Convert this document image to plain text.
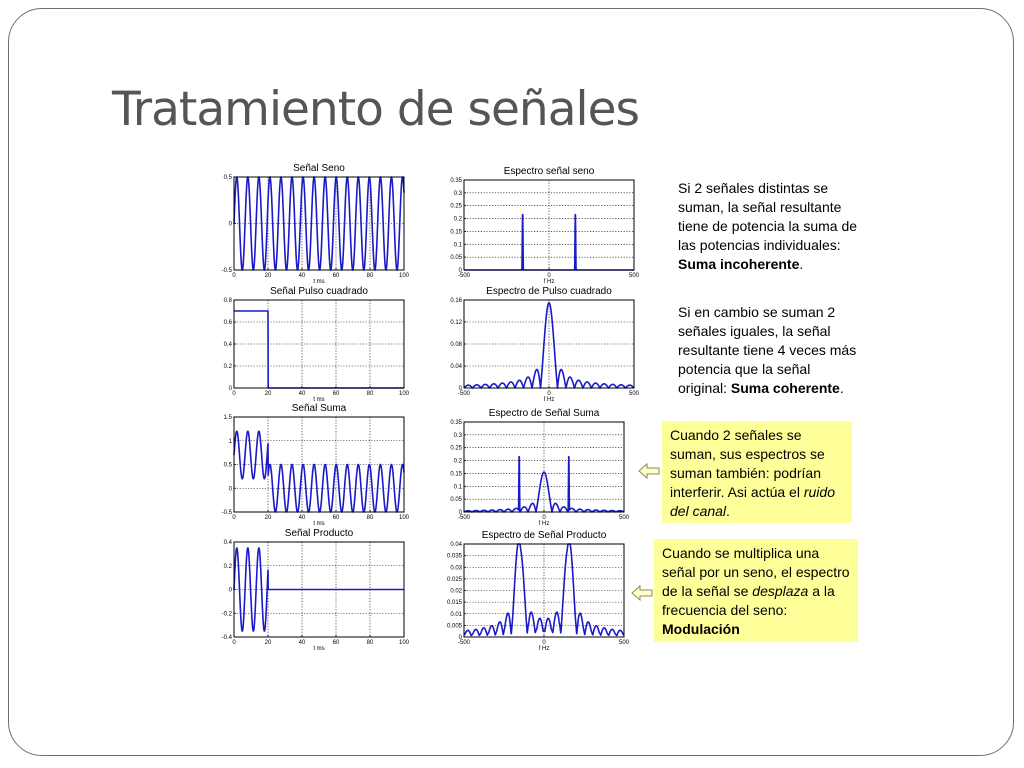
Tratamiento de señales
Señal Seno
0	20	40	60	80	100
-0.5
0
0.5
t ms
Señal Pulso cuadrado
0	20	40	60	80	100
0
0.2
0.4
0.6
0.8
t ms
Señal Suma
0	20	40	60	80	100
-0.5
0
0.5
1
1.5
t ms
Señal Producto
0	20	40	60	80	100
-0.4
-0.2
0
0.2
0.4
t ms
Espectro señal seno
-500	0	500
0
0.05
0.1
0.15
0.2
0.25
0.3
0.35
f Hz
Espectro de Pulso cuadrado
-500	0	500
0
0.04
0.08
0.12
0.16
f Hz
Espectro de Señal Suma
-500	0	500
0
0.05
0.1
0.15
0.2
0.25
0.3
0.35
f Hz
Espectro de Señal Producto
-500	0	500
0
0.005
0.01
0.015
0.02
0.025
0.03
0.035
0.04
f Hz

Si 2 señales distintas se suman, la señal resultante tiene de potencia la suma de las potencias individuales: Suma incoherente.

Si en cambio se suman 2 señales iguales, la señal resultante tiene 4 veces más potencia que la señal original: Suma coherente.

Cuando 2 señales se suman, sus espectros se suman también: podrían interferir. Asi actúa el ruido del canal.
Cuando se multiplica una señal por un seno, el espectro de la señal se desplaza a la frecuencia del seno: Modulación
